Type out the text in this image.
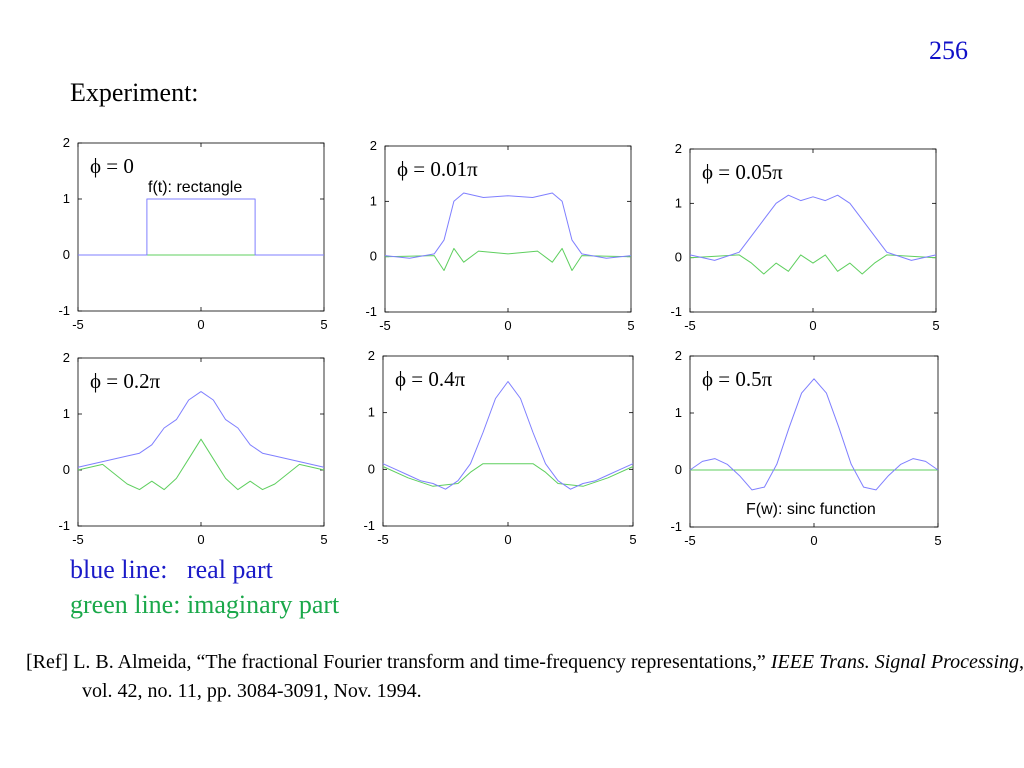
256
Experiment:
2
1
0
-1
-5	0	5
ϕ = 0
f(t): rectangle
2
1
0
-1
-5	0	5
ϕ = 0.01π
2
1
0
-1
-5	0	5
ϕ = 0.05π
2
1
0
-1
-5	0	5
ϕ = 0.2π
2
1
0
-1
-5	0	5
ϕ = 0.4π
2
1
0
-1
-5	0	5
ϕ = 0.5π
F(w): sinc function
blue line:   real part
green line: imaginary part
[Ref] L. B. Almeida, “The fractional Fourier transform and time-frequency representations,” IEEE Trans. Signal Processing, vol. 42, no. 11, pp. 3084-3091, Nov. 1994.
